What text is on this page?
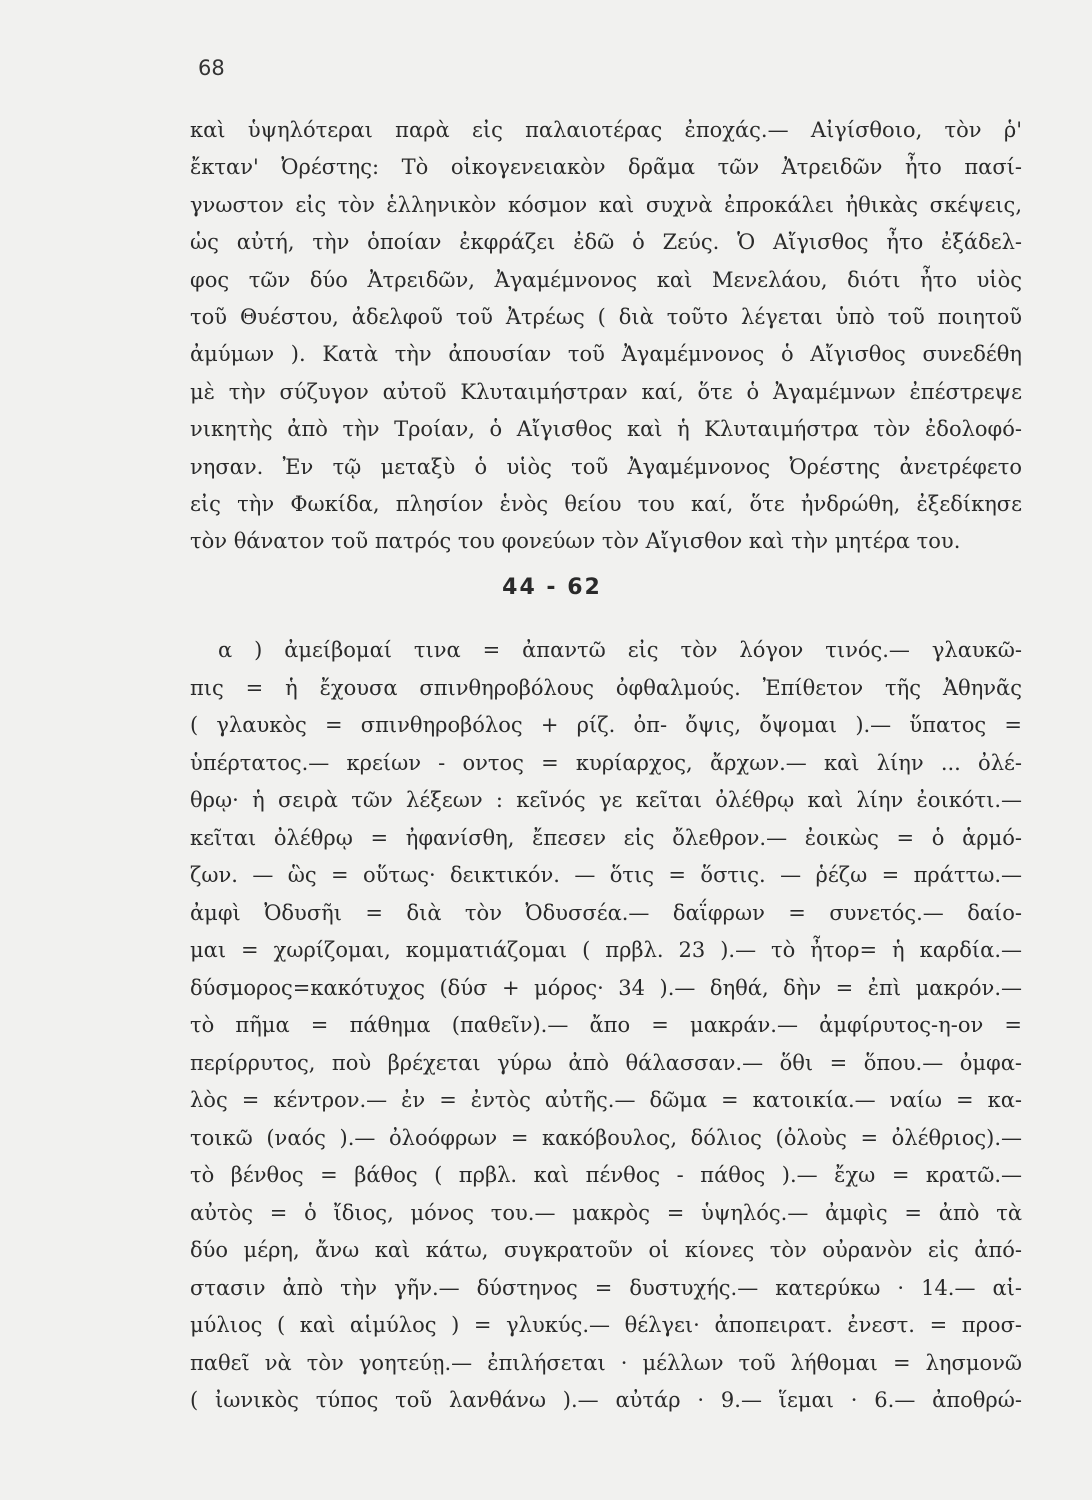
68
καὶ ὑψηλότεραι παρὰ εἰς παλαιοτέρας ἐποχάς.— Αἰγίσθοιο, τὸν ῥ'
ἔκταν' Ὀρέστης: Τὸ οἰκογενειακὸν δρᾶμα τῶν Ἀτρειδῶν ἦτο πασί-
γνωστον εἰς τὸν ἑλληνικὸν κόσμον καὶ συχνὰ ἐπροκάλει ἠθικὰς σκέψεις,
ὡς αὐτή, τὴν ὁποίαν ἐκφράζει ἐδῶ ὁ Ζεύς. Ὁ Αἴγισθος ἦτο ἐξάδελ-
φος τῶν δύο Ἀτρειδῶν, Ἀγαμέμνονος καὶ Μενελάου, διότι ἦτο υἱὸς
τοῦ Θυέστου, ἀδελφοῦ τοῦ Ἀτρέως ( διὰ τοῦτο λέγεται ὑπὸ τοῦ ποιητοῦ
ἀμύμων ). Κατὰ τὴν ἀπουσίαν τοῦ Ἀγαμέμνονος ὁ Αἴγισθος συνεδέθη
μὲ τὴν σύζυγον αὐτοῦ Κλυταιμήστραν καί, ὅτε ὁ Ἀγαμέμνων ἐπέστρεψε
νικητὴς ἀπὸ τὴν Τροίαν, ὁ Αἴγισθος καὶ ἡ Κλυταιμήστρα τὸν ἐδολοφό-
νησαν. Ἐν τῷ μεταξὺ ὁ υἱὸς τοῦ Ἀγαμέμνονος Ὀρέστης ἀνετρέφετο
εἰς τὴν Φωκίδα, πλησίον ἑνὸς θείου του καί, ὅτε ἠνδρώθη, ἐξεδίκησε
τὸν θάνατον τοῦ πατρός του φονεύων τὸν Αἴγισθον καὶ τὴν μητέρα του.
44 - 62
α ) ἀμείβομαί τινα = ἀπαντῶ εἰς τὸν λόγον τινός.— γλαυκῶ-
πις = ἡ ἔχουσα σπινθηροβόλους ὀφθαλμούς. Ἐπίθετον τῆς Ἀθηνᾶς
( γλαυκὸς = σπινθηροβόλος + ρίζ. ὀπ- ὄψις, ὄψομαι ).— ὕπατος =
ὑπέρτατος.— κρείων - οντος = κυρίαρχος, ἄρχων.— καὶ λίην ... ὀλέ-
θρῳ· ἡ σειρὰ τῶν λέξεων : κεῖνός γε κεῖται ὀλέθρῳ καὶ λίην ἐοικότι.—
κεῖται ὀλέθρῳ = ἠφανίσθη, ἔπεσεν εἰς ὄλεθρον.— ἐοικὼς = ὁ ἁρμό-
ζων. — ὣς = οὕτως· δεικτικόν. — ὅτις = ὅστις. — ῥέζω = πράττω.—
ἀμφὶ Ὀδυσῆι = διὰ τὸν Ὀδυσσέα.— δαΐφρων = συνετός.— δαίο-
μαι = χωρίζομαι, κομματιάζομαι ( πρβλ. 23 ).— τὸ ἦτορ= ἡ καρδία.—
δύσμορος=κακότυχος (δύσ + μόρος· 34 ).— δηθά, δὴν = ἐπὶ μακρόν.—
τὸ πῆμα = πάθημα (παθεῖν).— ἄπο = μακράν.— ἀμφίρυτος-η-ον =
περίρρυτος, ποὺ βρέχεται γύρω ἀπὸ θάλασσαν.— ὅθι = ὅπου.— ὀμφα-
λὸς = κέντρον.— ἐν = ἐντὸς αὐτῆς.— δῶμα = κατοικία.— ναίω = κα-
τοικῶ (ναός ).— ὀλοόφρων = κακόβουλος, δόλιος (ὀλοὺς = ὀλέθριος).—
τὸ βένθος = βάθος ( πρβλ. καὶ πένθος - πάθος ).— ἔχω = κρατῶ.—
αὐτὸς = ὁ ἴδιος, μόνος του.— μακρὸς = ὑψηλός.— ἀμφὶς = ἀπὸ τὰ
δύο μέρη, ἄνω καὶ κάτω, συγκρατοῦν οἱ κίονες τὸν οὐρανὸν εἰς ἀπό-
στασιν ἀπὸ τὴν γῆν.— δύστηνος = δυστυχής.— κατερύκω · 14.— αἱ-
μύλιος ( καὶ αἱμύλος ) = γλυκύς.— θέλγει· ἀποπειρατ. ἐνεστ. = προσ-
παθεῖ νὰ τὸν γοητεύῃ.— ἐπιλήσεται · μέλλων τοῦ λήθομαι = λησμονῶ
( ἰωνικὸς τύπος τοῦ λανθάνω ).— αὐτάρ · 9.— ἵεμαι · 6.— ἀποθρώ-
